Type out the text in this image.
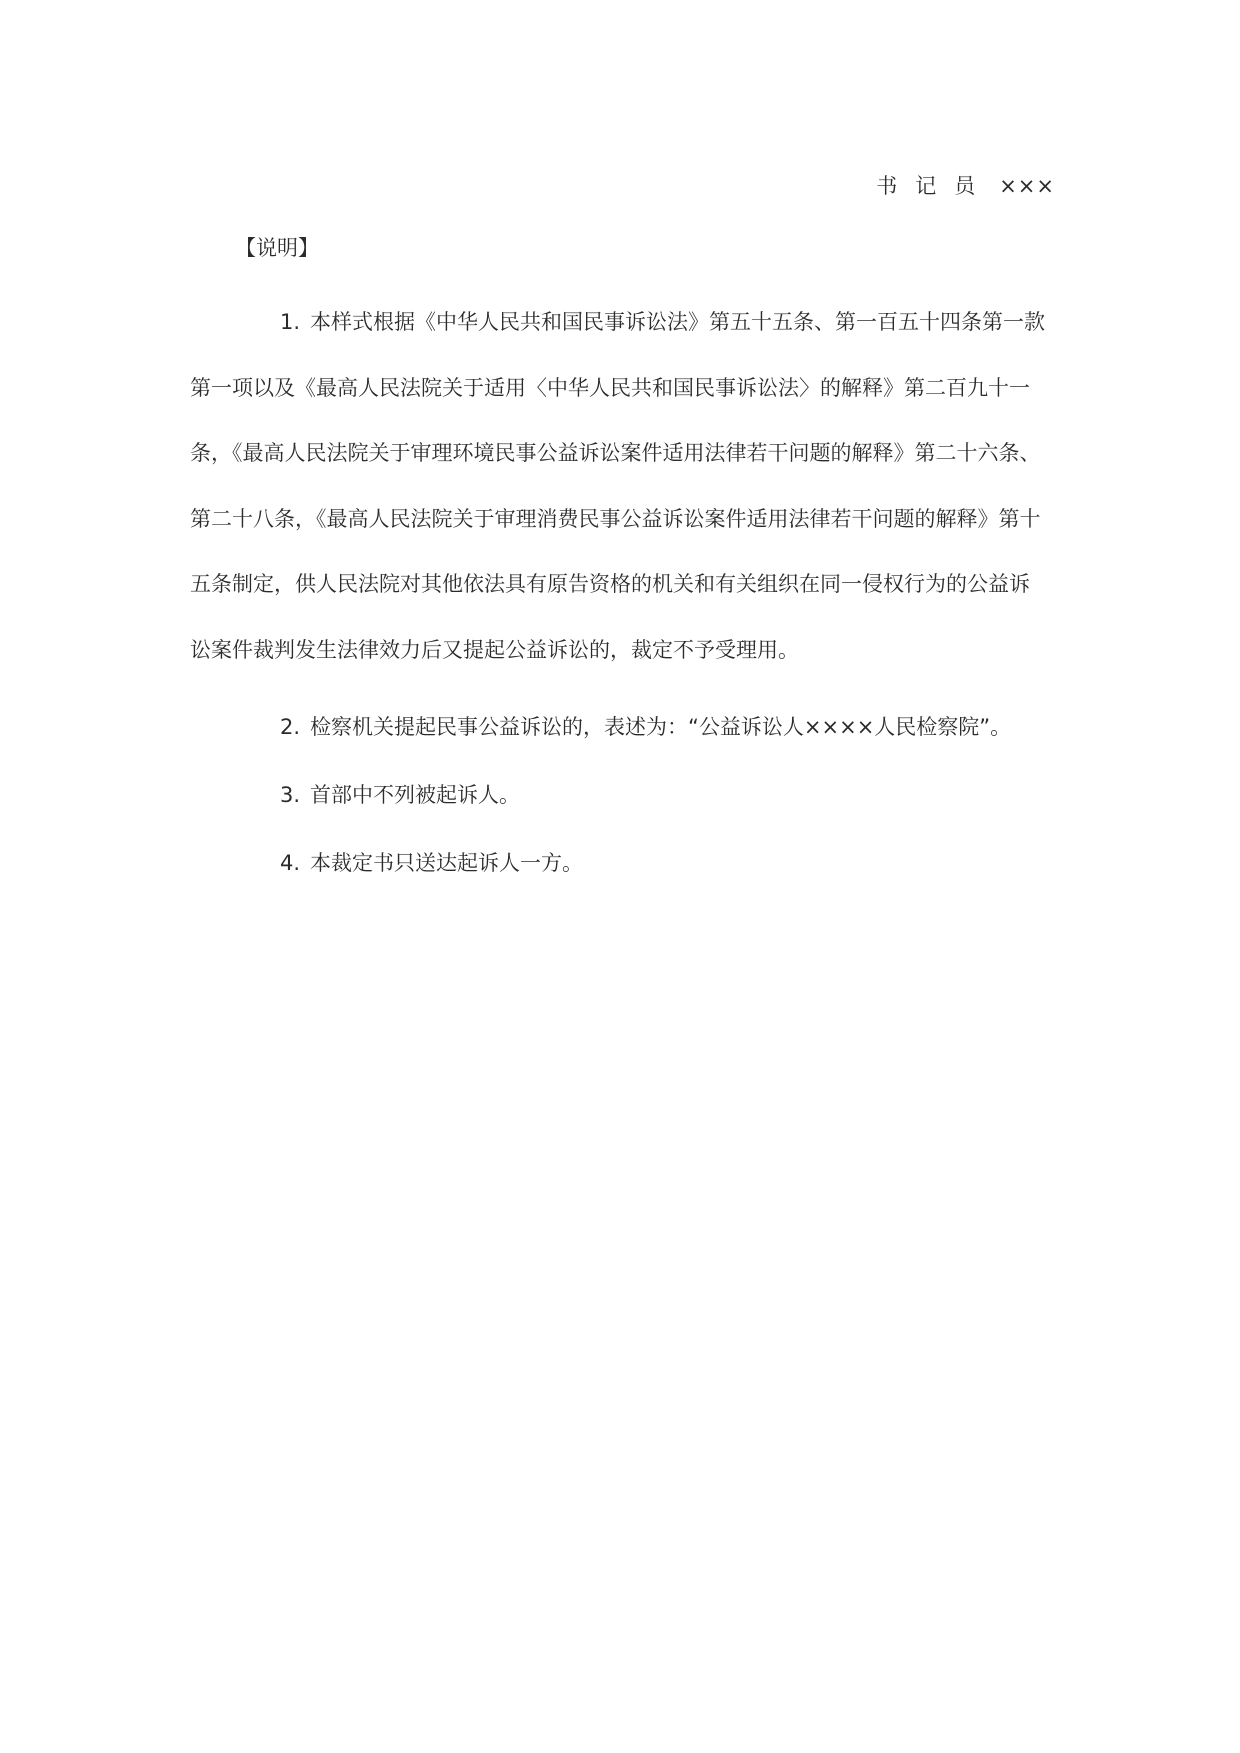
书记员 ×××
【说明】

1. 本样式根据《中华人民共和国民事诉讼法》第五十五条、第一百五十四条第一款第一项以及《最高人民法院关于适用〈中华人民共和国民事诉讼法〉的解释》第二百九十一条，《最高人民法院关于审理环境民事公益诉讼案件适用法律若干问题的解释》第二十六条、第二十八条，《最高人民法院关于审理消费民事公益诉讼案件适用法律若干问题的解释》第十五条制定，供人民法院对其他依法具有原告资格的机关和有关组织在同一侵权行为的公益诉讼案件裁判发生法律效力后又提起公益诉讼的，裁定不予受理用。

2. 检察机关提起民事公益诉讼的，表述为：“公益诉讼人××××人民检察院”。

3. 首部中不列被起诉人。

4. 本裁定书只送达起诉人一方。
